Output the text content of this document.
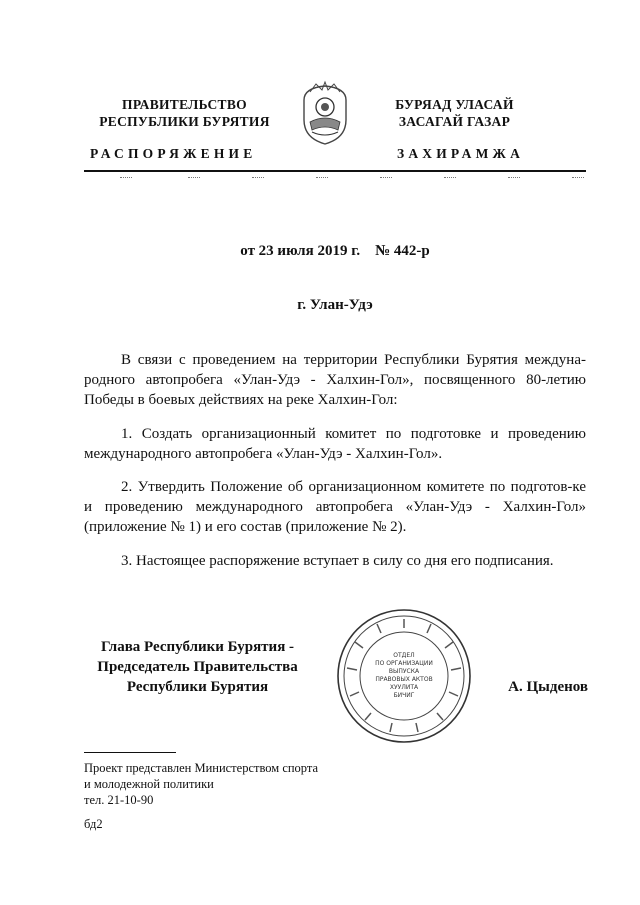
ПРАВИТЕЛЬСТВО
РЕСПУБЛИКИ БУРЯТИЯ
РАСПОРЯЖЕНИЕ
БУРЯАД УЛАСАЙ
ЗАСАГАЙ ГАЗАР
ЗАХИРАМЖА
от 23 июля 2019 г.    № 442-р
г. Улан-Удэ

В связи с проведением на территории Республики Бурятия междуна-родного автопробега «Улан-Удэ - Халхин-Гол», посвященного 80-летию Победы в боевых действиях на реке Халхин-Гол:

1. Создать организационный комитет по подготовке и проведению международного автопробега «Улан-Удэ - Халхин-Гол».

2. Утвердить Положение об организационном комитете по подготов-ке и проведению международного автопробега «Улан-Удэ - Халхин-Гол» (приложение № 1) и его состав (приложение № 2).

3. Настоящее распоряжение вступает в силу со дня его подписания.

Глава Республики Бурятия -
Председатель Правительства
Республики Бурятия
ОТДЕЛ
ПО ОРГАНИЗАЦИИ
ВЫПУСКА
ПРАВОВЫХ АКТОВ
ХУУЛИТА
БИЧИГ
А. Цыденов
Проект представлен Министерством спорта
и молодежной политики
тел. 21-10-90
бд2
